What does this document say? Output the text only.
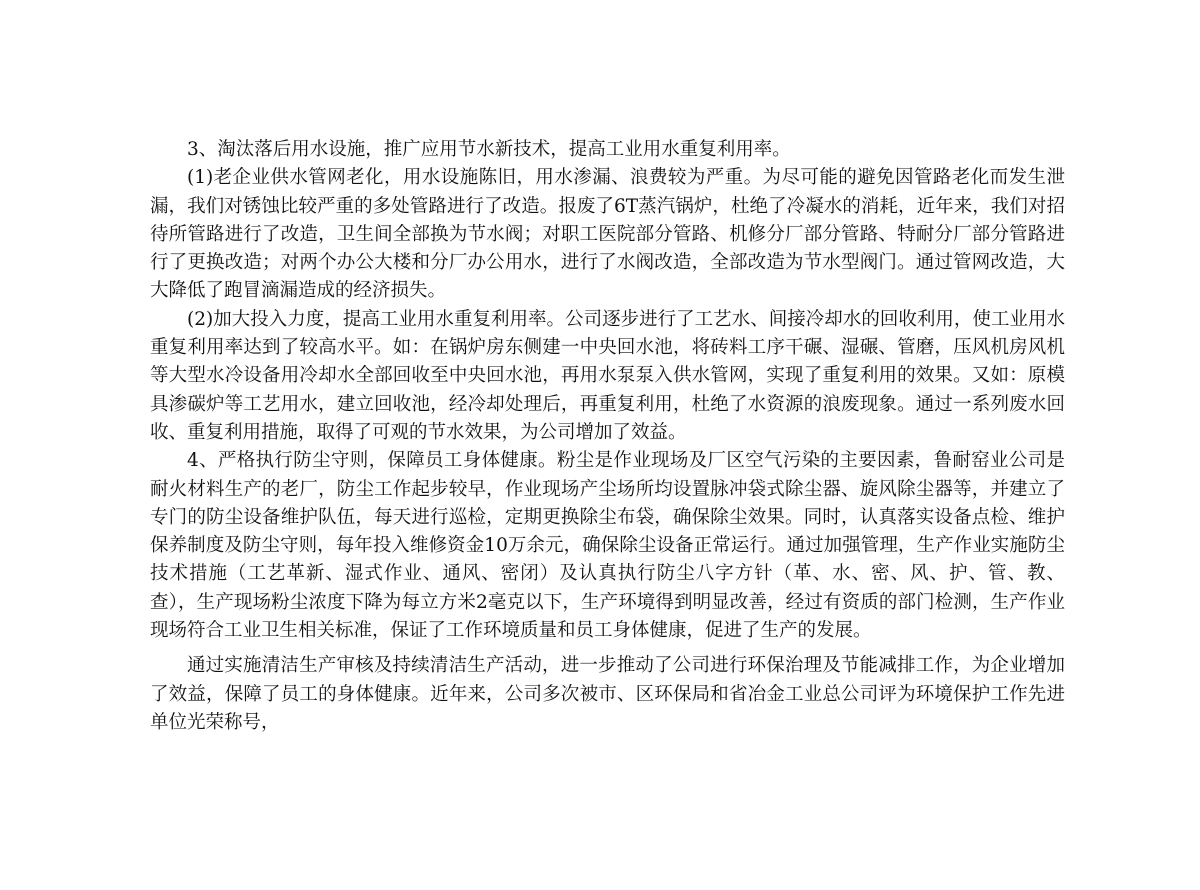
3、淘汰落后用水设施，推广应用节水新技术，提高工业用水重复利用率。

(1)老企业供水管网老化，用水设施陈旧，用水渗漏、浪费较为严重。为尽可能的避免因管路老化而发生泄漏，我们对锈蚀比较严重的多处管路进行了改造。报废了6T蒸汽锅炉，杜绝了冷凝水的消耗，近年来，我们对招待所管路进行了改造，卫生间全部换为节水阀；对职工医院部分管路、机修分厂部分管路、特耐分厂部分管路进行了更换改造；对两个办公大楼和分厂办公用水，进行了水阀改造，全部改造为节水型阀门。通过管网改造，大大降低了跑冒滴漏造成的经济损失。

(2)加大投入力度，提高工业用水重复利用率。公司逐步进行了工艺水、间接冷却水的回收利用，使工业用水重复利用率达到了较高水平。如：在锅炉房东侧建一中央回水池，将砖料工序干碾、湿碾、管磨，压风机房风机等大型水冷设备用冷却水全部回收至中央回水池，再用水泵泵入供水管网，实现了重复利用的效果。又如：原模具渗碳炉等工艺用水，建立回收池，经冷却处理后，再重复利用，杜绝了水资源的浪废现象。通过一系列废水回收、重复利用措施，取得了可观的节水效果，为公司增加了效益。

4、严格执行防尘守则，保障员工身体健康。粉尘是作业现场及厂区空气污染的主要因素，鲁耐窑业公司是耐火材料生产的老厂，防尘工作起步较早，作业现场产尘场所均设置脉冲袋式除尘器、旋风除尘器等，并建立了专门的防尘设备维护队伍，每天进行巡检，定期更换除尘布袋，确保除尘效果。同时，认真落实设备点检、维护保养制度及防尘守则，每年投入维修资金10万余元，确保除尘设备正常运行。通过加强管理，生产作业实施防尘技术措施（工艺革新、湿式作业、通风、密闭）及认真执行防尘八字方针（革、水、密、风、护、管、教、查），生产现场粉尘浓度下降为每立方米2毫克以下，生产环境得到明显改善，经过有资质的部门检测，生产作业现场符合工业卫生相关标准，保证了工作环境质量和员工身体健康，促进了生产的发展。

通过实施清洁生产审核及持续清洁生产活动，进一步推动了公司进行环保治理及节能减排工作，为企业增加了效益，保障了员工的身体健康。近年来，公司多次被市、区环保局和省冶金工业总公司评为环境保护工作先进单位光荣称号，
